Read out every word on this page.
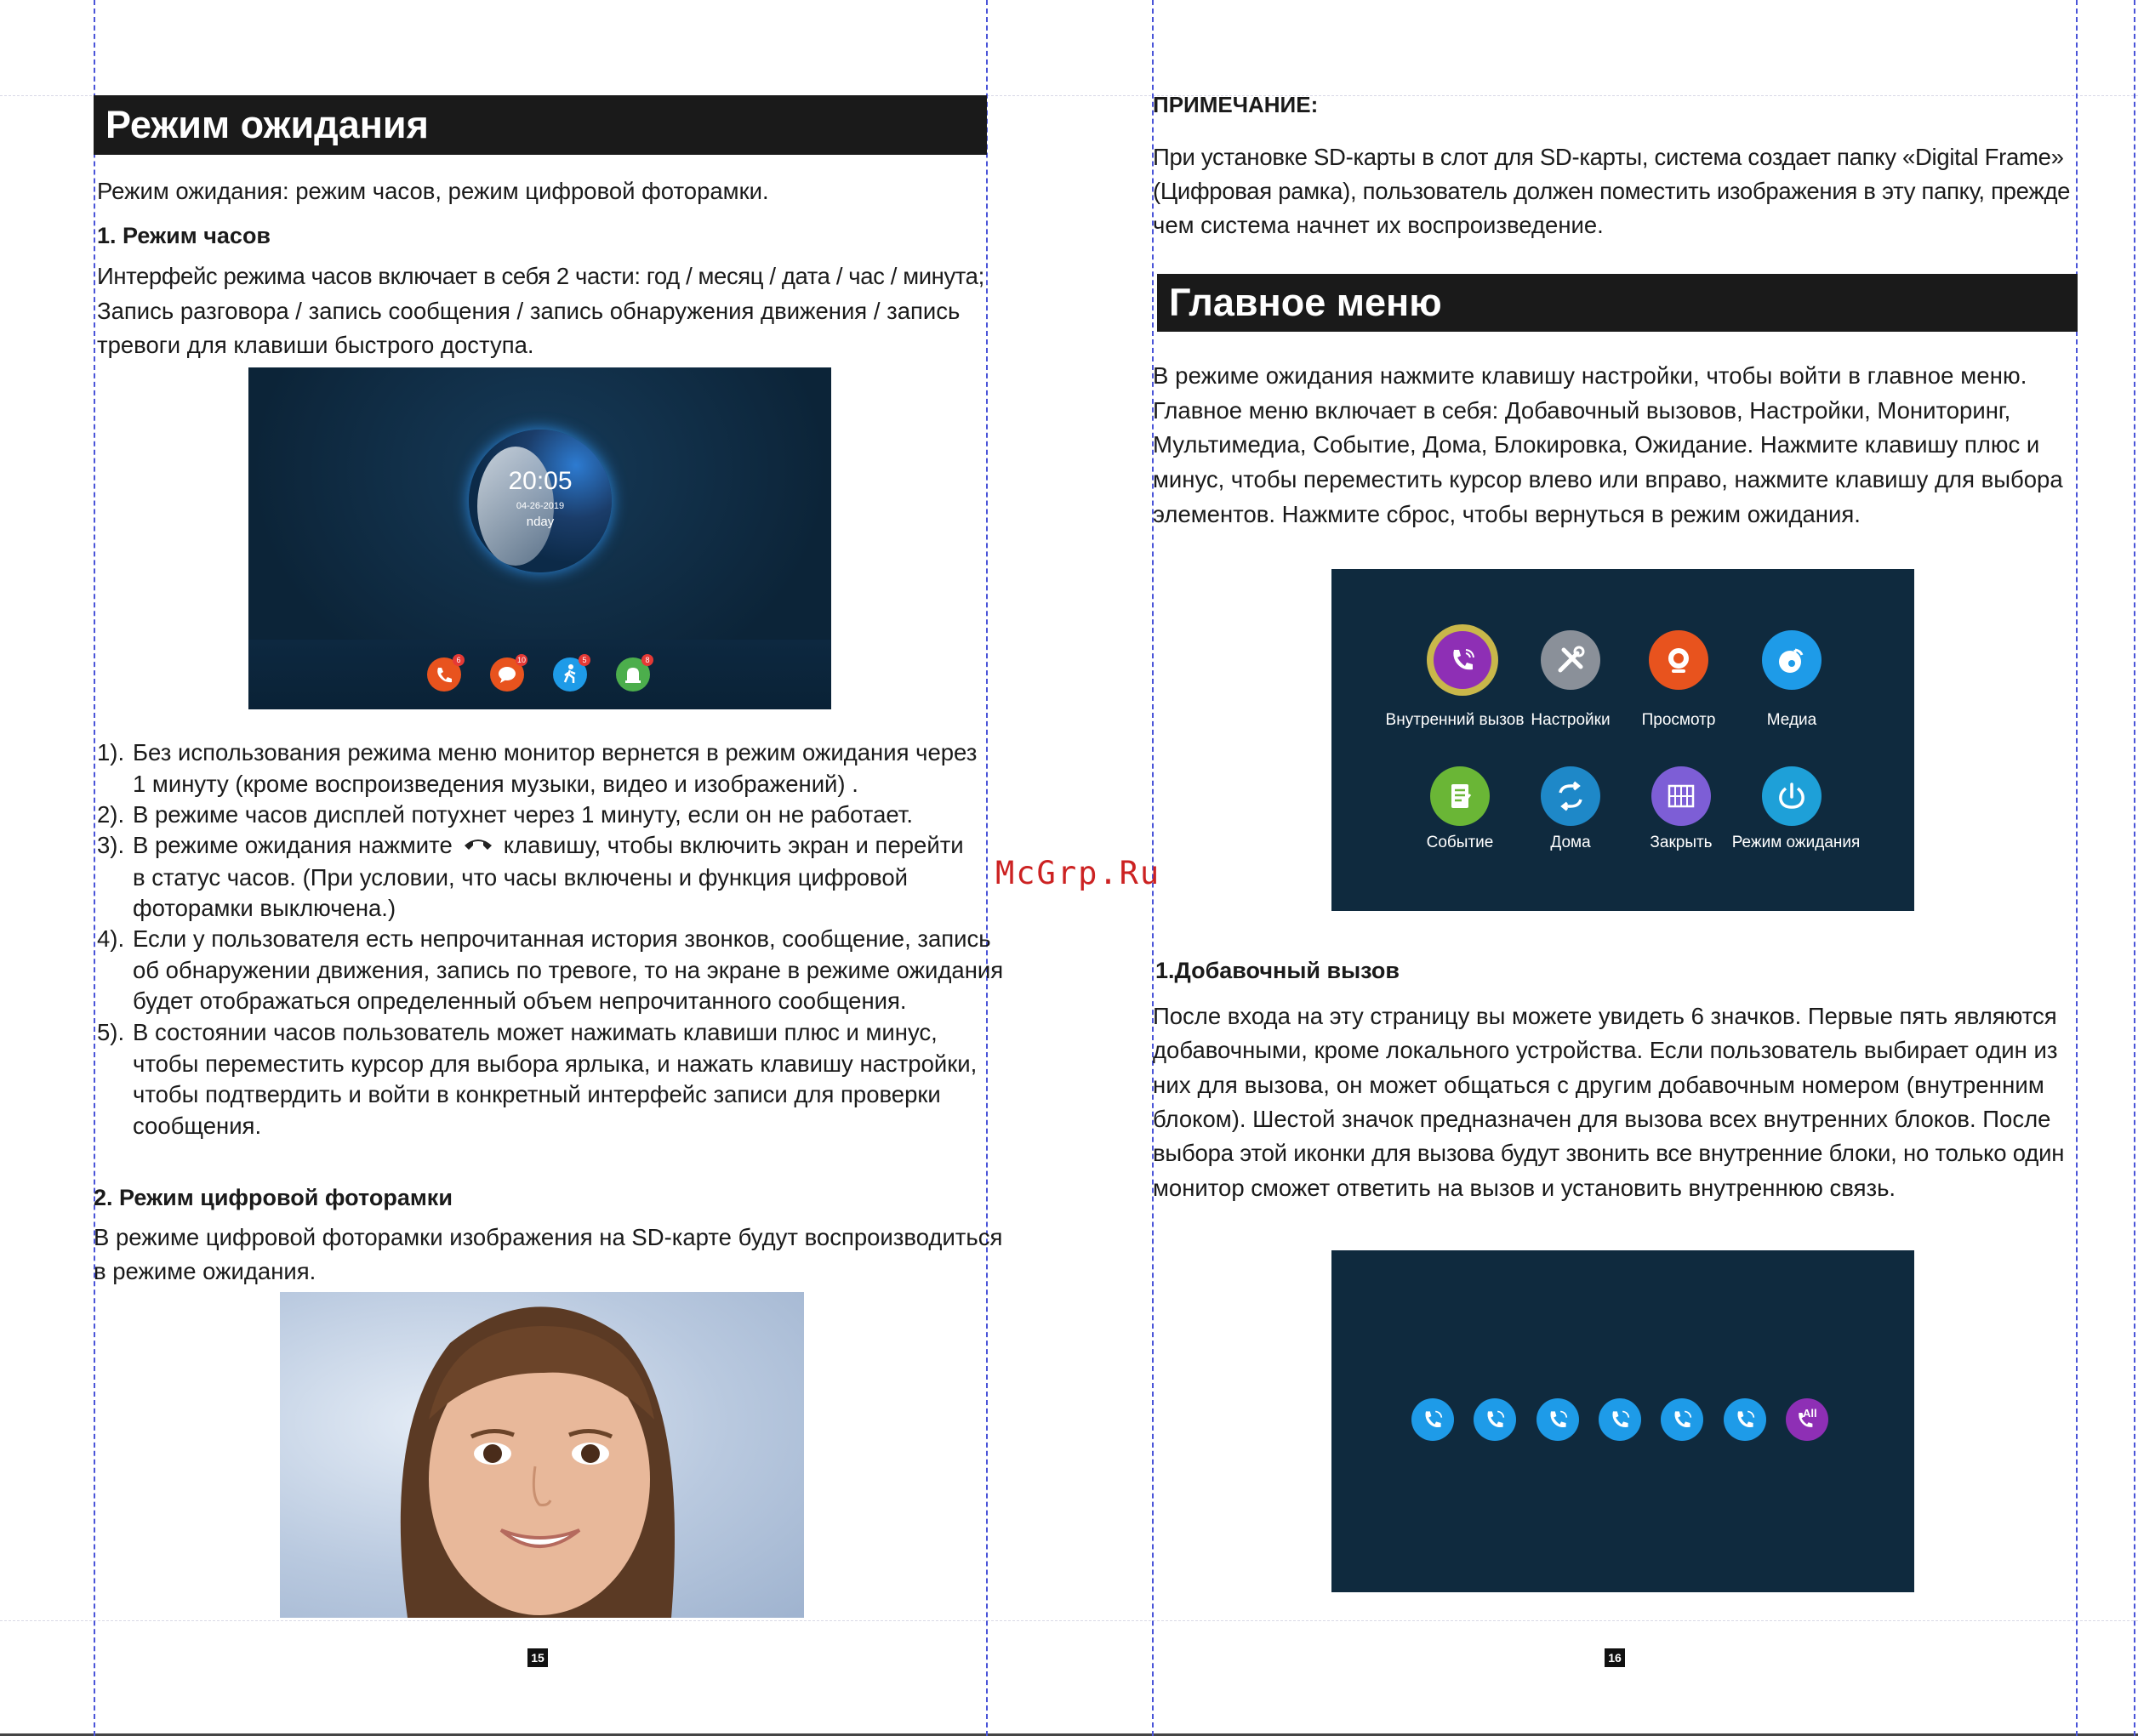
Режим ожидания
Режим ожидания: режим часов, режим цифровой фоторамки.
1. Режим часов
Интерфейс режима часов включает в себя 2 части: год / месяц / дата / час / минута;
Запись разговора / запись сообщения / запись обнаружения движения / запись
тревоги для клавиши быстрого доступа.
20:05
04-26-2019
nday
6	10	5	8
1). Без использования режима меню монитор вернется в режим ожидания через
1 минуту (кроме воспроизведения музыки, видео и изображений) .
2). В режиме часов дисплей потухнет через 1 минуту, если он не работает.
3). В режиме ожидания нажмите клавишу, чтобы включить экран и перейти
в статус часов. (При условии, что часы включены и функция цифровой
фоторамки выключена.)
4). Если у пользователя есть непрочитанная история звонков, сообщение, запись
об обнаружении движения, запись по тревоге, то на экране в режиме ожидания
будет отображаться определенный объем непрочитанного сообщения.
5). В состоянии часов пользователь может нажимать клавиши плюс и минус,
чтобы переместить курсор для выбора ярлыка, и нажать клавишу настройки,
чтобы подтвердить и войти в конкретный интерфейс записи для проверки
сообщения.
2. Режим цифровой фоторамки
В режиме цифровой фоторамки изображения на SD-карте будут воспроизводиться
в режиме ожидания.
15
McGrp.Ru
ПРИМЕЧАНИЕ:
При установке SD-карты в слот для SD-карты, система создает папку «Digital Frame»
(Цифровая рамка), пользователь должен поместить изображения в эту папку, прежде
чем система начнет их воспроизведение.
Главное меню
В режиме ожидания нажмите клавишу настройки, чтобы войти в главное меню.
Главное меню включает в себя: Добавочный вызовов, Настройки, Мониторинг,
Мультимедиа, Событие, Дома, Блокировка, Ожидание. Нажмите клавишу плюс и
минус, чтобы переместить курсор влево или вправо, нажмите клавишу для выбора
элементов. Нажмите сброс, чтобы вернуться в режим ожидания.
Внутренний вызов Настройки Просмотр	Медиа
Событие	Дома	Закрыть Режим ожидания
1.Добавочный вызов
После входа на эту страницу вы можете увидеть 6 значков. Первые пять являются
добавочными, кроме локального устройства. Если пользователь выбирает один из
них для вызова, он может общаться с другим добавочным номером (внутренним
блоком). Шестой значок предназначен для вызова всех внутренних блоков. После
выбора этой иконки для вызова будут звонить все внутренние блоки, но только один
монитор сможет ответить на вызов и установить внутреннюю связь.
All
16
